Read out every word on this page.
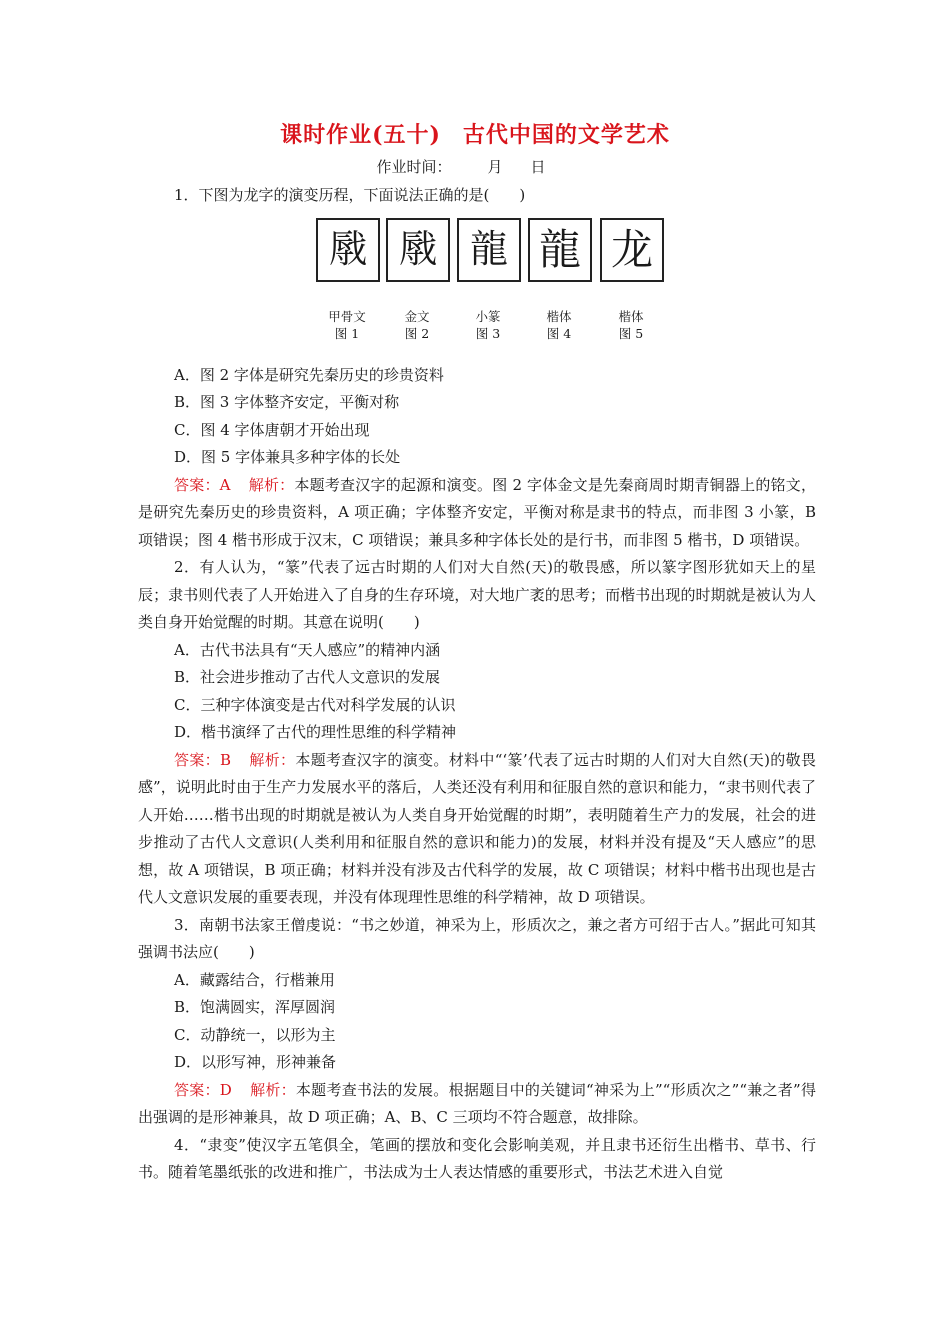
课时作业(五十) 古代中国的文学艺术
作业时间： 月 日

1．下图为龙字的演变历程，下面说法正确的是(　　)

㦺
甲骨文
图 1
㦺
金文
图 2
龍
小篆
图 3
龍
楷体
图 4
龙
楷体
图 5

A．图 2 字体是研究先秦历史的珍贵资料

B．图 3 字体整齐安定，平衡对称

C．图 4 字体唐朝才开始出现

D．图 5 字体兼具多种字体的长处

答案：A 解析：本题考查汉字的起源和演变。图 2 字体金文是先秦商周时期青铜器上的铭文，是研究先秦历史的珍贵资料，A 项正确；字体整齐安定，平衡对称是隶书的特点，而非图 3 小篆，B 项错误；图 4 楷书形成于汉末，C 项错误；兼具多种字体长处的是行书，而非图 5 楷书，D 项错误。

2．有人认为，“篆”代表了远古时期的人们对大自然(天)的敬畏感，所以篆字图形犹如天上的星辰；隶书则代表了人开始进入了自身的生存环境，对大地广袤的思考；而楷书出现的时期就是被认为人类自身开始觉醒的时期。其意在说明(　　)

A．古代书法具有“天人感应”的精神内涵

B．社会进步推动了古代人文意识的发展

C．三种字体演变是古代对科学发展的认识

D．楷书演绎了古代的理性思维的科学精神

答案：B 解析：本题考查汉字的演变。材料中“‘篆’代表了远古时期的人们对大自然(天)的敬畏感”，说明此时由于生产力发展水平的落后，人类还没有利用和征服自然的意识和能力，“隶书则代表了人开始……楷书出现的时期就是被认为人类自身开始觉醒的时期”，表明随着生产力的发展，社会的进步推动了古代人文意识(人类利用和征服自然的意识和能力)的发展，材料并没有提及“天人感应”的思想，故 A 项错误，B 项正确；材料并没有涉及古代科学的发展，故 C 项错误；材料中楷书出现也是古代人文意识发展的重要表现，并没有体现理性思维的科学精神，故 D 项错误。

3．南朝书法家王僧虔说：“书之妙道，神采为上，形质次之，兼之者方可绍于古人。”据此可知其强调书法应(　　)

A．藏露结合，行楷兼用

B．饱满圆实，浑厚圆润

C．动静统一，以形为主

D．以形写神，形神兼备

答案：D 解析：本题考查书法的发展。根据题目中的关键词“神采为上”“形质次之”“兼之者”得出强调的是形神兼具，故 D 项正确；A、B、C 三项均不符合题意，故排除。

4．“隶变”使汉字五笔俱全，笔画的摆放和变化会影响美观，并且隶书还衍生出楷书、草书、行书。随着笔墨纸张的改进和推广，书法成为士人表达情感的重要形式，书法艺术进入自觉
